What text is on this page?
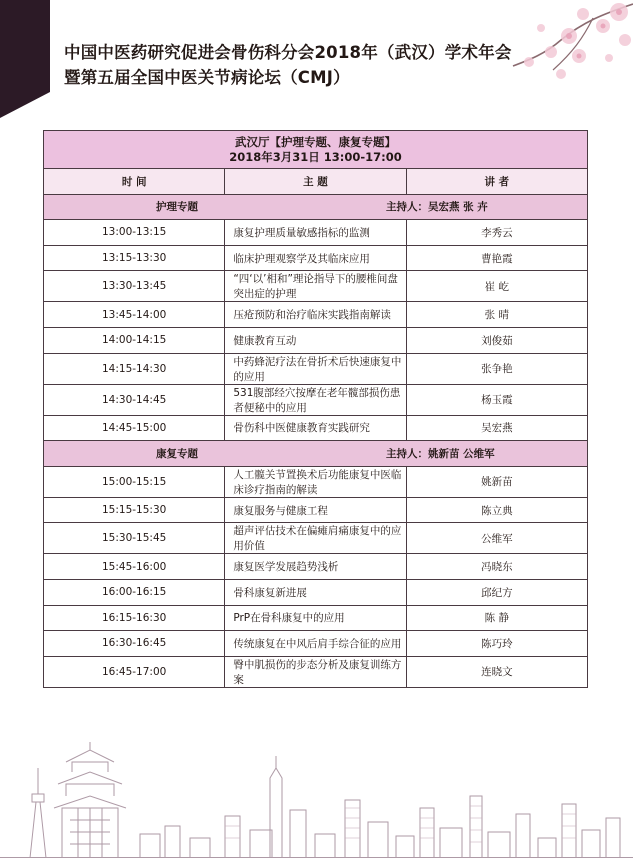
中国中医药研究促进会骨伤科分会2018年（武汉）学术年会
暨第五届全国中医关节病论坛（CMJ）
武汉厅【护理专题、康复专题】
2018年3月31日 13:00-17:00		

时 间	主 题	讲 者
护理专题 主持人：吴宏燕 张 卉		
13:00-13:15	康复护理质量敏感指标的监测	李秀云
13:15-13:30	临床护理观察学及其临床应用	曹艳霞
13:30-13:45	“四‘以’相和”理论指导下的腰椎间盘突出症的护理	崔 屹
13:45-14:00	压疮预防和治疗临床实践指南解读	张 晴
14:00-14:15	健康教育互动	刘俊茹
14:15-14:30	中药蜂泥疗法在骨折术后快速康复中的应用	张争艳
14:30-14:45	531腹部经穴按摩在老年髋部损伤患者便秘中的应用	杨玉霞
14:45-15:00	骨伤科中医健康教育实践研究	吴宏燕
康复专题 主持人：姚新苗 公维军		
15:00-15:15	人工髋关节置换术后功能康复中医临床诊疗指南的解读	姚新苗
15:15-15:30	康复服务与健康工程	陈立典
15:30-15:45	超声评估技术在偏瘫肩痛康复中的应用价值	公维军
15:45-16:00	康复医学发展趋势浅析	冯晓东
16:00-16:15	骨科康复新进展	邱纪方
16:15-16:30	PrP在骨科康复中的应用	陈 静
16:30-16:45	传统康复在中风后肩手综合征的应用	陈巧玲
16:45-17:00	臀中肌损伤的步态分析及康复训练方案	连晓文
